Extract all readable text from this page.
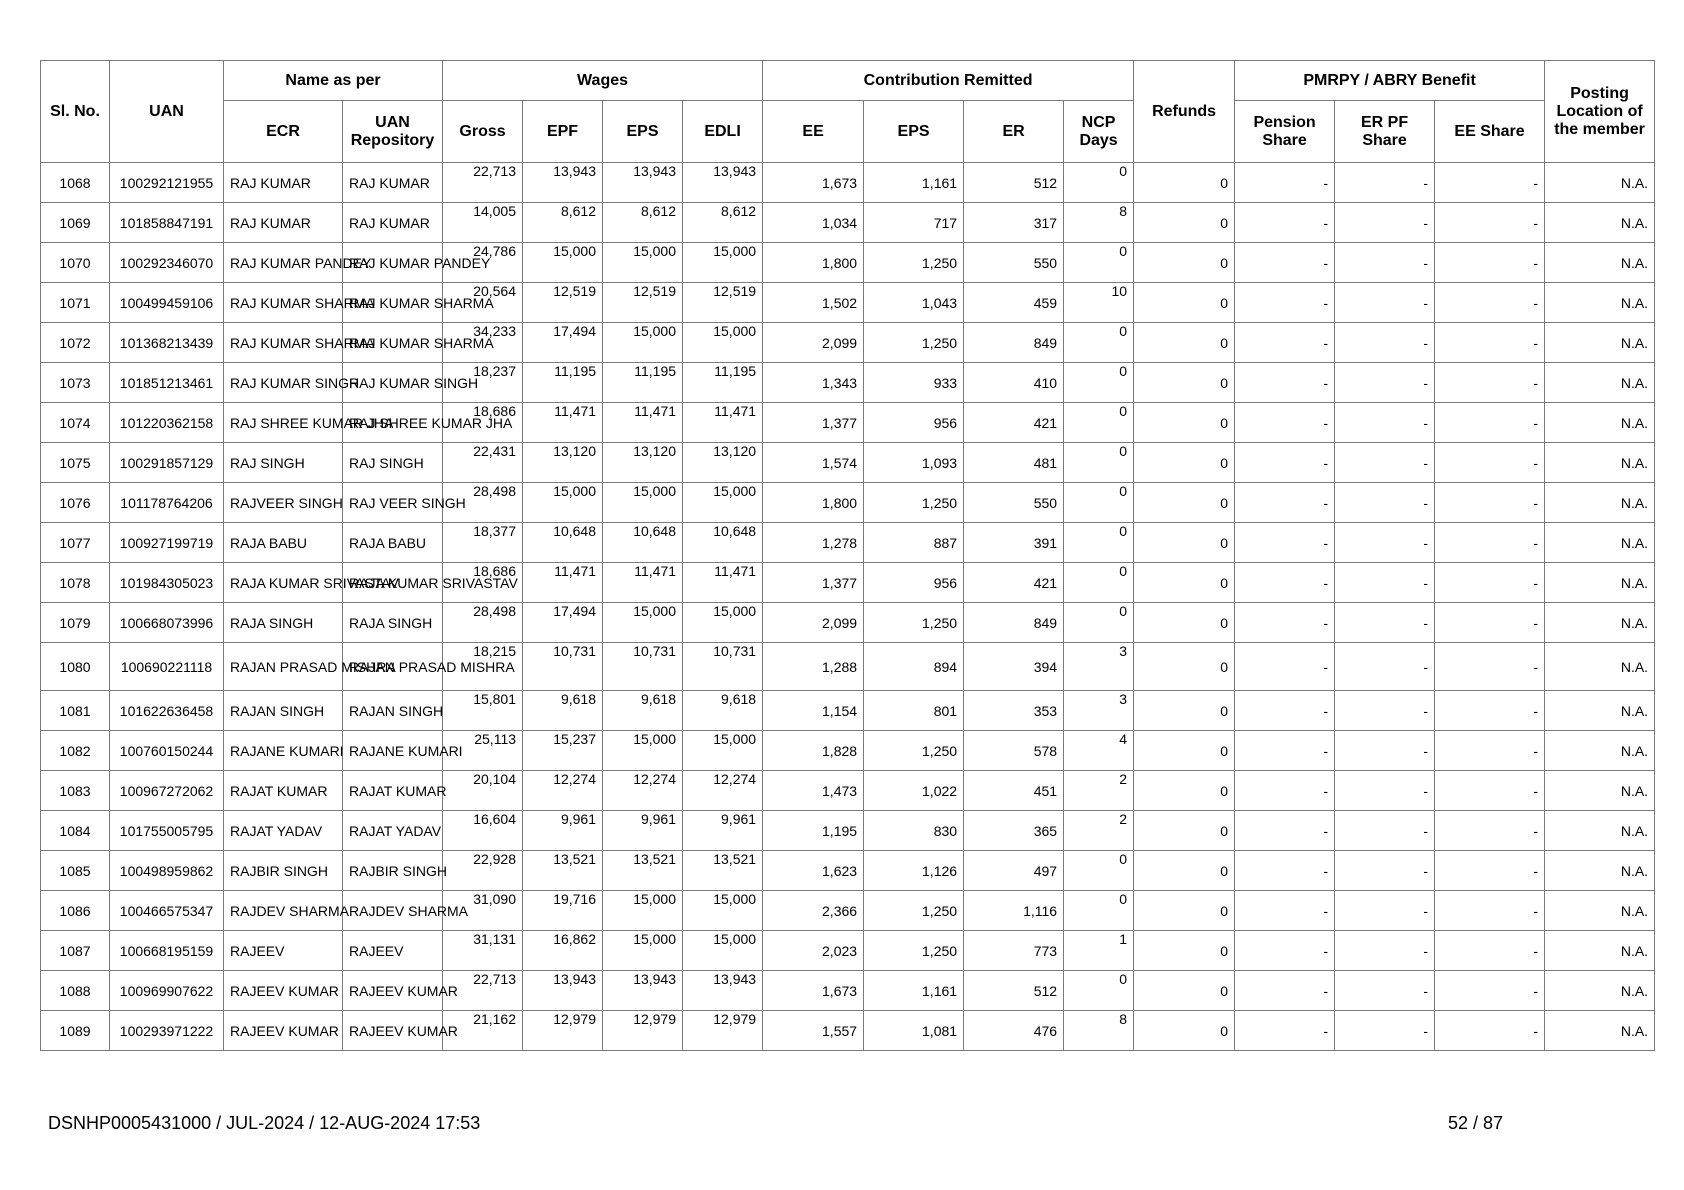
Sl. No.	UAN	Name as per		Wages				Contribution Remitted				Refunds	PMRPY / ABRY Benefit			Posting Location of the member
		ECR	UAN Repository	Gross	EPF	EPS	EDLI	EE	EPS	ER	NCP Days		Pension Share	ER PF Share	EE Share	
1068	100292121955	RAJ KUMAR	RAJ KUMAR	22,713	13,943	13,943	13,943	1,673	1,161	512	0	0	-	-	-	N.A.
1069	101858847191	RAJ KUMAR	RAJ KUMAR	14,005	8,612	8,612	8,612	1,034	717	317	8	0	-	-	-	N.A.
1070	100292346070	RAJ KUMAR PANDEY	RAJ KUMAR PANDEY	24,786	15,000	15,000	15,000	1,800	1,250	550	0	0	-	-	-	N.A.
1071	100499459106	RAJ KUMAR SHARMA	RAJ KUMAR SHARMA	20,564	12,519	12,519	12,519	1,502	1,043	459	10	0	-	-	-	N.A.
1072	101368213439	RAJ KUMAR SHARMA	RAJ KUMAR SHARMA	34,233	17,494	15,000	15,000	2,099	1,250	849	0	0	-	-	-	N.A.
1073	101851213461	RAJ KUMAR SINGH	RAJ KUMAR SINGH	18,237	11,195	11,195	11,195	1,343	933	410	0	0	-	-	-	N.A.
1074	101220362158	RAJ SHREE KUMAR JHA	RAJ SHREE KUMAR JHA	18,686	11,471	11,471	11,471	1,377	956	421	0	0	-	-	-	N.A.
1075	100291857129	RAJ SINGH	RAJ SINGH	22,431	13,120	13,120	13,120	1,574	1,093	481	0	0	-	-	-	N.A.
1076	101178764206	RAJVEER SINGH	RAJ VEER SINGH	28,498	15,000	15,000	15,000	1,800	1,250	550	0	0	-	-	-	N.A.
1077	100927199719	RAJA BABU	RAJA BABU	18,377	10,648	10,648	10,648	1,278	887	391	0	0	-	-	-	N.A.
1078	101984305023	RAJA KUMAR SRIVASTAV	RAJA KUMAR SRIVASTAV	18,686	11,471	11,471	11,471	1,377	956	421	0	0	-	-	-	N.A.
1079	100668073996	RAJA SINGH	RAJA SINGH	28,498	17,494	15,000	15,000	2,099	1,250	849	0	0	-	-	-	N.A.
1080	100690221118	RAJAN PRASAD MISHRA	RAJAN PRASAD MISHRA	18,215	10,731	10,731	10,731	1,288	894	394	3	0	-	-	-	N.A.
1081	101622636458	RAJAN SINGH	RAJAN SINGH	15,801	9,618	9,618	9,618	1,154	801	353	3	0	-	-	-	N.A.
1082	100760150244	RAJANE KUMARI	RAJANE KUMARI	25,113	15,237	15,000	15,000	1,828	1,250	578	4	0	-	-	-	N.A.
1083	100967272062	RAJAT KUMAR	RAJAT KUMAR	20,104	12,274	12,274	12,274	1,473	1,022	451	2	0	-	-	-	N.A.
1084	101755005795	RAJAT YADAV	RAJAT YADAV	16,604	9,961	9,961	9,961	1,195	830	365	2	0	-	-	-	N.A.
1085	100498959862	RAJBIR SINGH	RAJBIR SINGH	22,928	13,521	13,521	13,521	1,623	1,126	497	0	0	-	-	-	N.A.
1086	100466575347	RAJDEV SHARMA	RAJDEV SHARMA	31,090	19,716	15,000	15,000	2,366	1,250	1,116	0	0	-	-	-	N.A.
1087	100668195159	RAJEEV	RAJEEV	31,131	16,862	15,000	15,000	2,023	1,250	773	1	0	-	-	-	N.A.
1088	100969907622	RAJEEV KUMAR	RAJEEV KUMAR	22,713	13,943	13,943	13,943	1,673	1,161	512	0	0	-	-	-	N.A.
1089	100293971222	RAJEEV KUMAR	RAJEEV KUMAR	21,162	12,979	12,979	12,979	1,557	1,081	476	8	0	-	-	-	N.A.
DSNHP0005431000 / JUL-2024 / 12-AUG-2024 17:53	52 / 87
